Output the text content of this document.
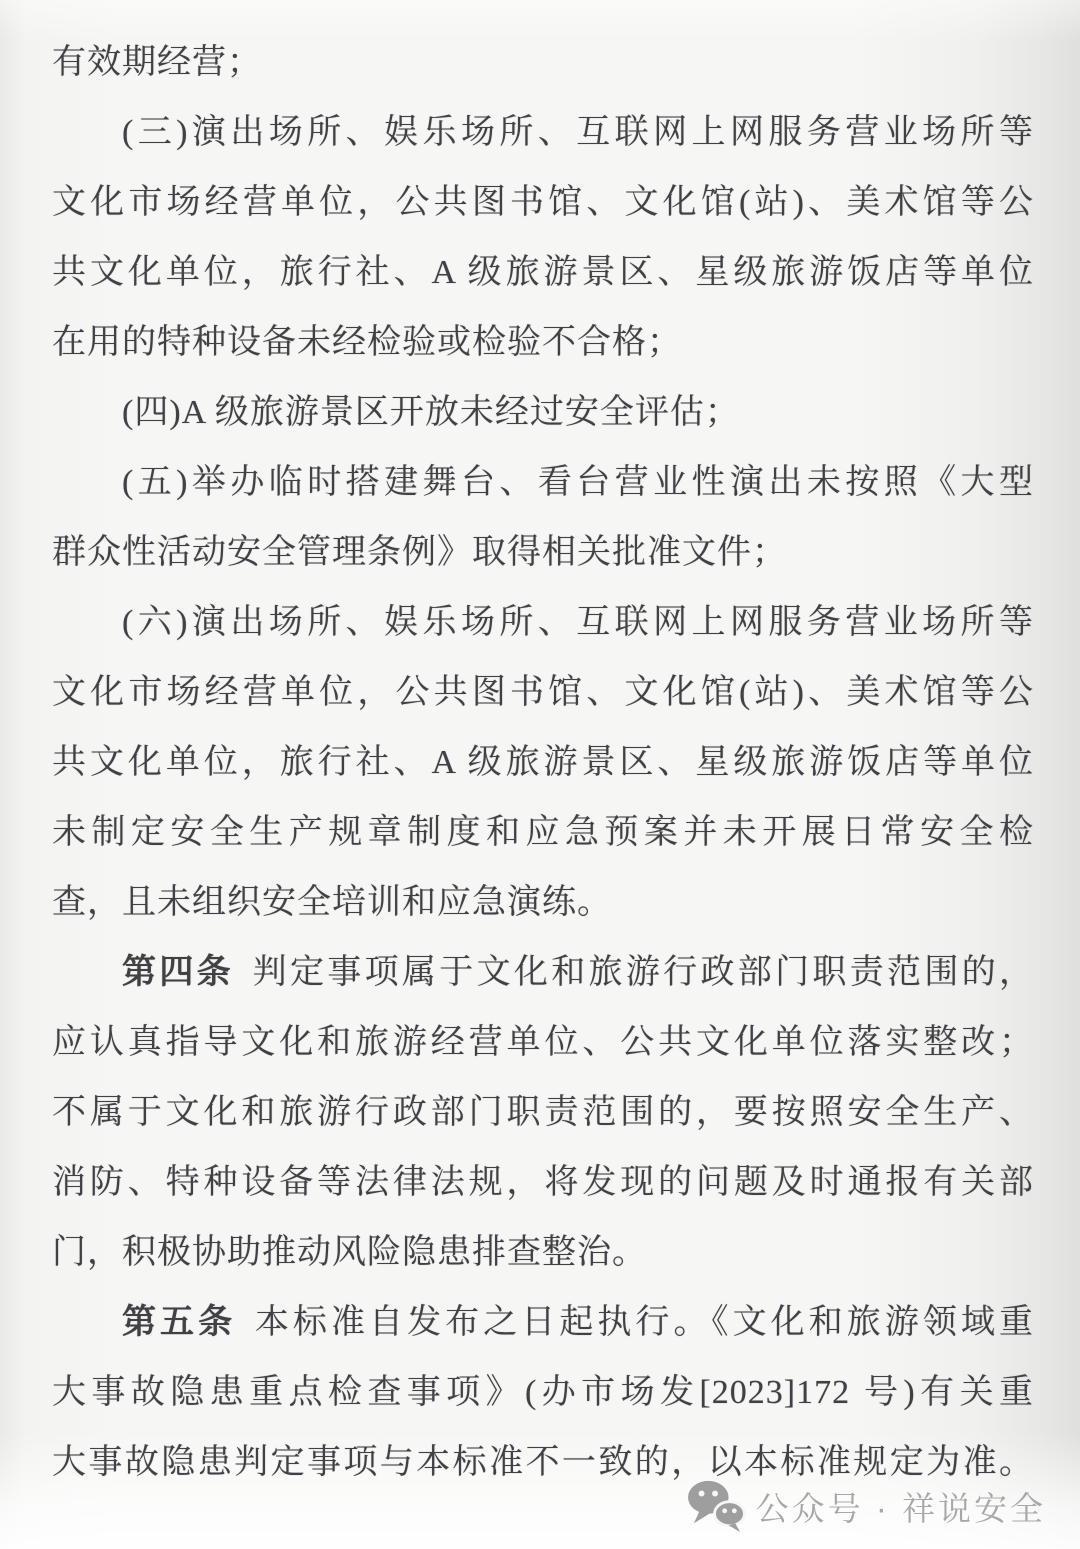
有效期经营；
(三)演出场所、娱乐场所、互联网上网服务营业场所等
文化市场经营单位，公共图书馆、文化馆(站)、美术馆等公
共文化单位，旅行社、A 级旅游景区、星级旅游饭店等单位
在用的特种设备未经检验或检验不合格；
(四)A 级旅游景区开放未经过安全评估；
(五)举办临时搭建舞台、看台营业性演出未按照《大型
群众性活动安全管理条例》取得相关批准文件；
(六)演出场所、娱乐场所、互联网上网服务营业场所等
文化市场经营单位，公共图书馆、文化馆(站)、美术馆等公
共文化单位，旅行社、A 级旅游景区、星级旅游饭店等单位
未制定安全生产规章制度和应急预案并未开展日常安全检
查，且未组织安全培训和应急演练。
第四条 判定事项属于文化和旅游行政部门职责范围的，
应认真指导文化和旅游经营单位、公共文化单位落实整改；
不属于文化和旅游行政部门职责范围的，要按照安全生产、
消防、特种设备等法律法规，将发现的问题及时通报有关部
门，积极协助推动风险隐患排查整治。
第五条 本标准自发布之日起执行。《文化和旅游领域重
大事故隐患重点检查事项》(办市场发[2023]172 号)有关重
大事故隐患判定事项与本标准不一致的，以本标准规定为准。
公众号 · 祥说安全
